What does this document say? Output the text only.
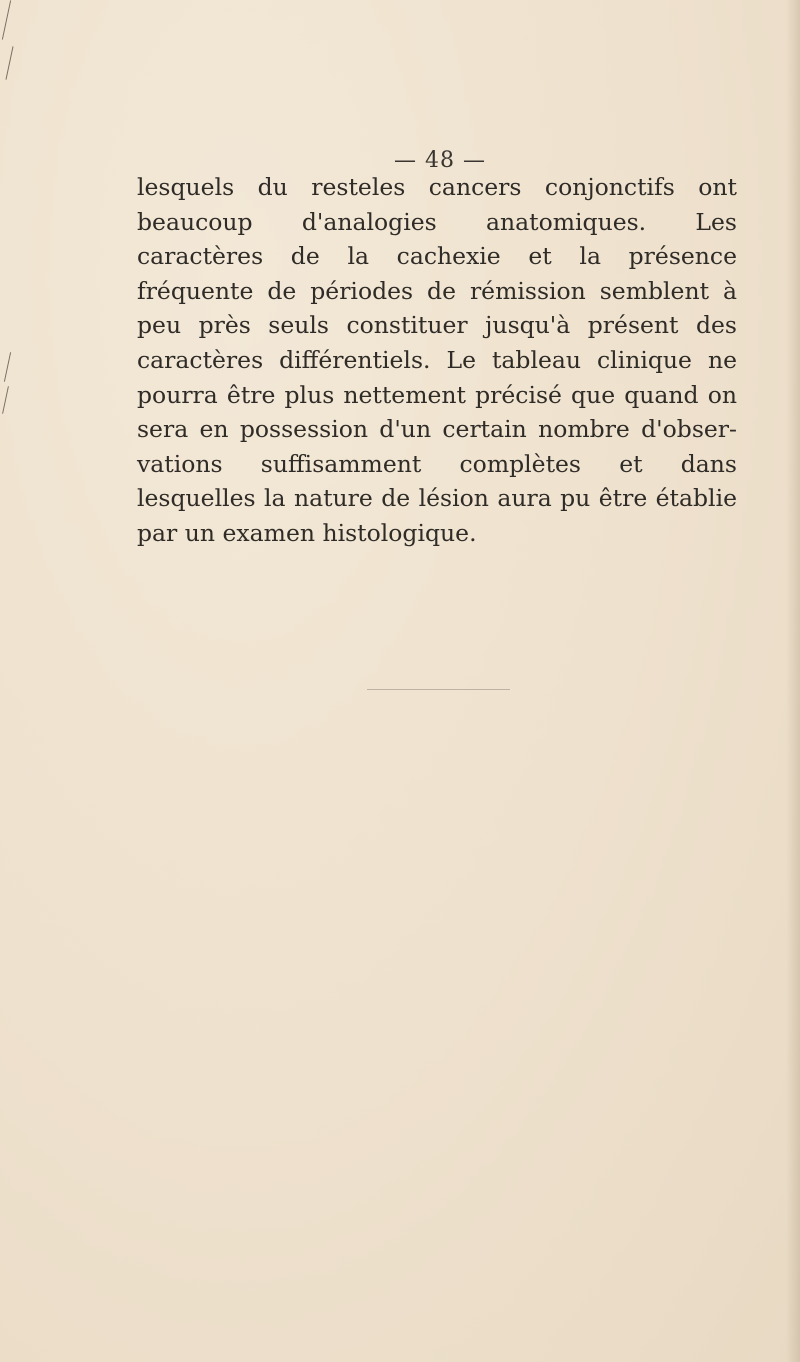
— 48 —

lesquels du resteles cancers conjonctifs ont beaucoup d'analogies anatomiques. Les caractères de la cachexie et la présence fréquente de périodes de rémission semblent à peu près seuls constituer jusqu'à présent des caractères différentiels. Le tableau clinique ne pourra être plus nettement précisé que quand on sera en possession d'un certain nombre d'observations suffisamment complètes et dans lesquelles la nature de lésion aura pu être établie par un examen histologique.
